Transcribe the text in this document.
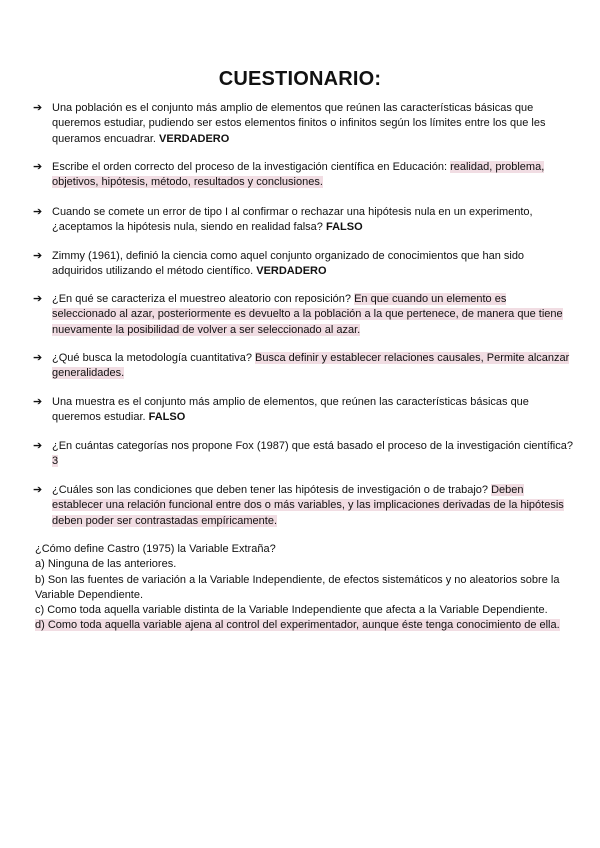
CUESTIONARIO:
➔ Una población es el conjunto más amplio de elementos que reúnen las características básicas que queremos estudiar, pudiendo ser estos elementos finitos o infinitos según los límites entre los que les queramos encuadrar. VERDADERO
➔ Escribe el orden correcto del proceso de la investigación científica en Educación: realidad, problema, objetivos, hipótesis, método, resultados y conclusiones.
➔ Cuando se comete un error de tipo I al confirmar o rechazar una hipótesis nula en un experimento, ¿aceptamos la hipótesis nula, siendo en realidad falsa? FALSO
➔ Zimmy (1961), definió la ciencia como aquel conjunto organizado de conocimientos que han sido adquiridos utilizando el método científico. VERDADERO
➔ ¿En qué se caracteriza el muestreo aleatorio con reposición? En que cuando un elemento es seleccionado al azar, posteriormente es devuelto a la población a la que pertenece, de manera que tiene nuevamente la posibilidad de volver a ser seleccionado al azar.
➔ ¿Qué busca la metodología cuantitativa? Busca definir y establecer relaciones causales, Permite alcanzar generalidades.
➔ Una muestra es el conjunto más amplio de elementos, que reúnen las características básicas que queremos estudiar. FALSO
➔ ¿En cuántas categorías nos propone Fox (1987) que está basado el proceso de la investigación científica? 3
➔ ¿Cuáles son las condiciones que deben tener las hipótesis de investigación o de trabajo? Deben establecer una relación funcional entre dos o más variables, y las implicaciones derivadas de la hipótesis deben poder ser contrastadas empíricamente.
¿Cómo define Castro (1975) la Variable Extraña?
a) Ninguna de las anteriores.
b) Son las fuentes de variación a la Variable Independiente, de efectos sistemáticos y no aleatorios sobre la Variable Dependiente.
c) Como toda aquella variable distinta de la Variable Independiente que afecta a la Variable Dependiente.
d) Como toda aquella variable ajena al control del experimentador, aunque éste tenga conocimiento de ella.
